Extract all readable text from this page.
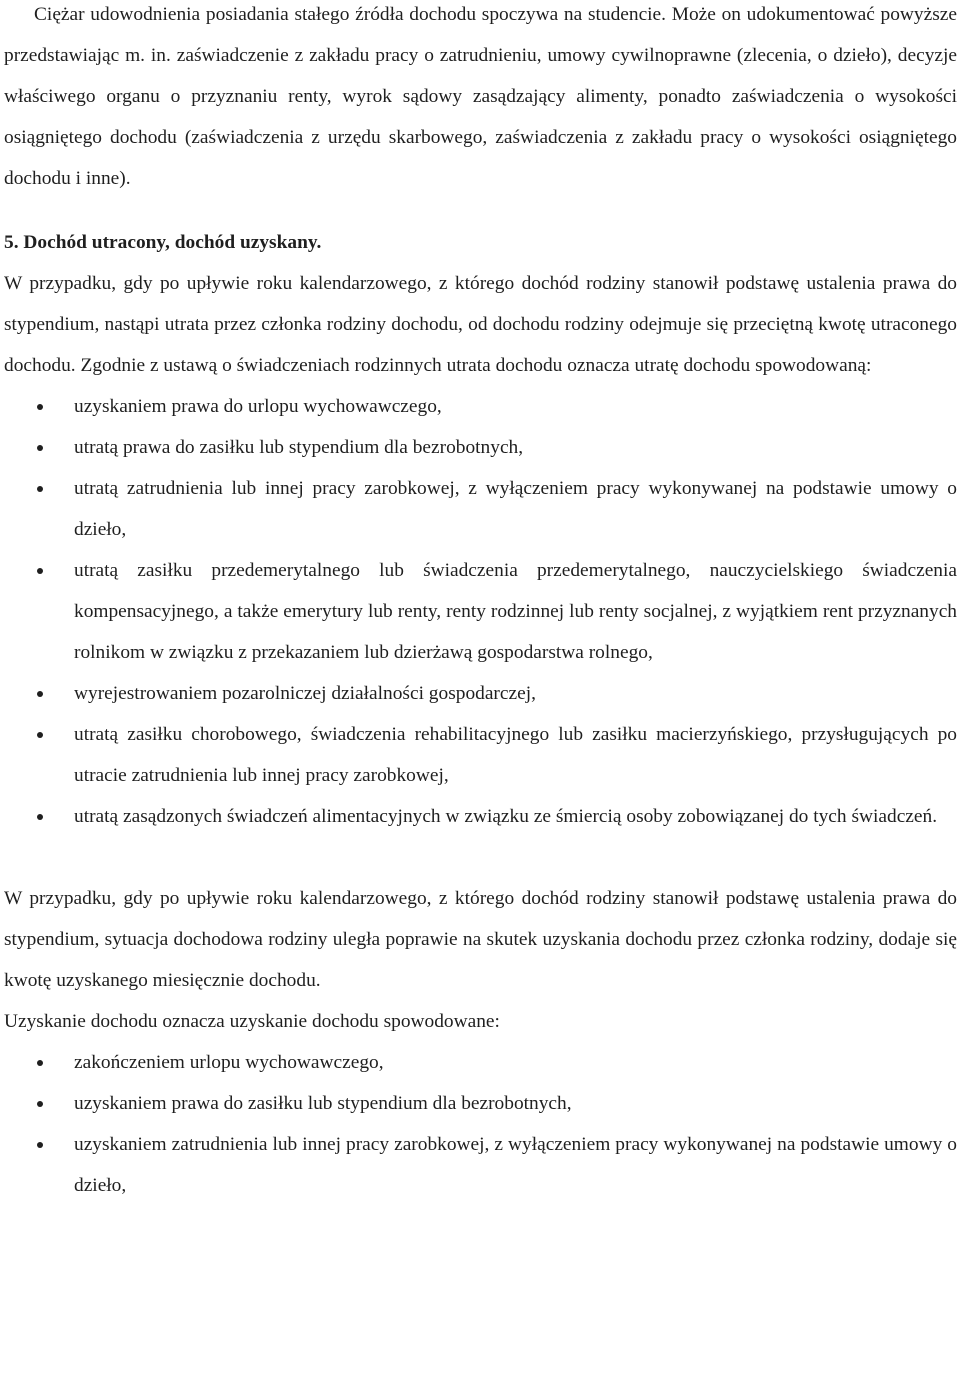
Ciężar udowodnienia posiadania stałego źródła dochodu spoczywa na studencie. Może on udokumentować powyższe przedstawiając m. in. zaświadczenie z zakładu pracy o zatrudnieniu, umowy cywilnoprawne (zlecenia, o dzieło), decyzje właściwego organu o przyznaniu renty, wyrok sądowy zasądzający alimenty, ponadto zaświadczenia o wysokości osiągniętego dochodu (zaświadczenia z urzędu skarbowego, zaświadczenia z zakładu pracy o wysokości osiągniętego dochodu i inne).

5. Dochód utracony, dochód uzyskany.

W przypadku, gdy po upływie roku kalendarzowego, z którego dochód rodziny stanowił podstawę ustalenia prawa do stypendium, nastąpi utrata przez członka rodziny dochodu, od dochodu rodziny odejmuje się przeciętną kwotę utraconego dochodu. Zgodnie z ustawą o świadczeniach rodzinnych utrata dochodu oznacza utratę dochodu spowodowaną:

uzyskaniem prawa do urlopu wychowawczego,
utratą prawa do zasiłku lub stypendium dla bezrobotnych,
utratą zatrudnienia lub innej pracy zarobkowej, z wyłączeniem pracy wykonywanej na podstawie umowy o dzieło,
utratą zasiłku przedemerytalnego lub świadczenia przedemerytalnego, nauczycielskiego świadczenia kompensacyjnego, a także emerytury lub renty, renty rodzinnej lub renty socjalnej, z wyjątkiem rent przyznanych rolnikom w związku z przekazaniem lub dzierżawą gospodarstwa rolnego,
wyrejestrowaniem pozarolniczej działalności gospodarczej,
utratą zasiłku chorobowego, świadczenia rehabilitacyjnego lub zasiłku macierzyńskiego, przysługujących po utracie zatrudnienia lub innej pracy zarobkowej,
utratą zasądzonych świadczeń alimentacyjnych w związku ze śmiercią osoby zobowiązanej do tych świadczeń.

W przypadku, gdy po upływie roku kalendarzowego, z którego dochód rodziny stanowił podstawę ustalenia prawa do stypendium, sytuacja dochodowa rodziny uległa poprawie na skutek uzyskania dochodu przez członka rodziny, dodaje się kwotę uzyskanego miesięcznie dochodu.

Uzyskanie dochodu oznacza uzyskanie dochodu spowodowane:

zakończeniem urlopu wychowawczego,
uzyskaniem prawa do zasiłku lub stypendium dla bezrobotnych,
uzyskaniem zatrudnienia lub innej pracy zarobkowej, z wyłączeniem pracy wykonywanej na podstawie umowy o dzieło,
